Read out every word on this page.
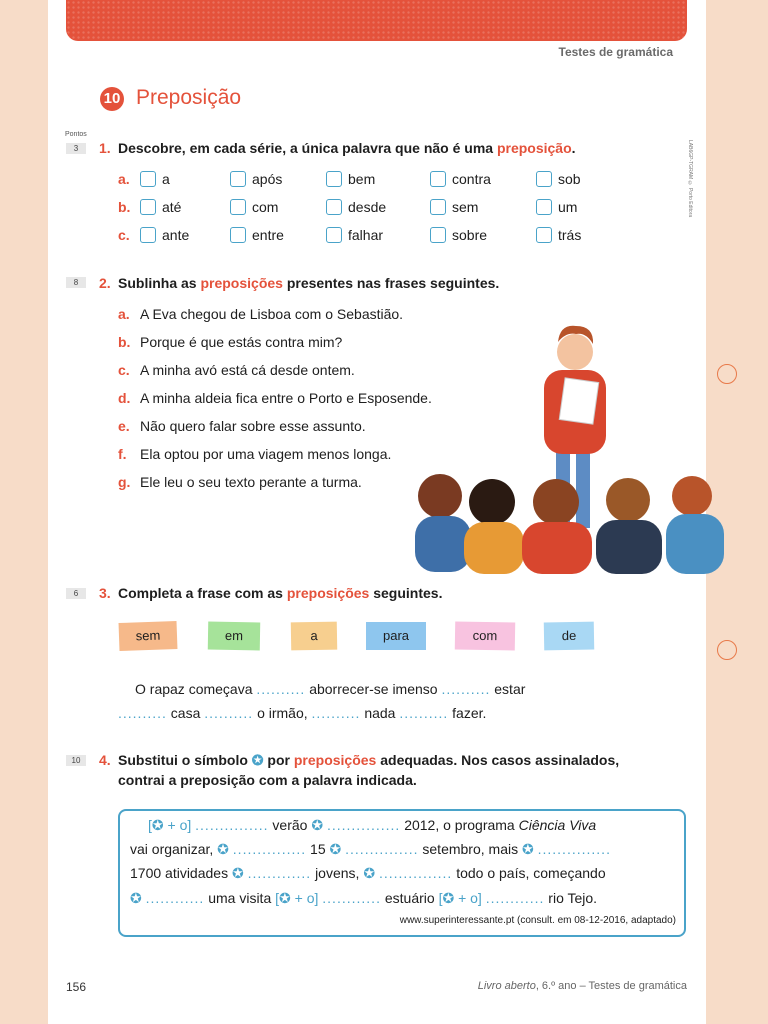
Testes de gramática
10 Preposição
LAB6GP-TGRAM © Porto Editora
Pontos
3	1. Descobre, em cada série, a única palavra que não é uma preposição.
a. a	após	bem	contra	sob
b. até	com	desde	sem	um
c. ante	entre	falhar	sobre	trás
8	2. Sublinha as preposições presentes nas frases seguintes.
a. A Eva chegou de Lisboa com o Sebastião.
b. Porque é que estás contra mim?
c. A minha avó está cá desde ontem.
d. A minha aldeia fica entre o Porto e Esposende.
e. Não quero falar sobre esse assunto.
f. Ela optou por uma viagem menos longa.
g. Ele leu o seu texto perante a turma.
6	3. Completa a frase com as preposições seguintes.
sem	em	a	para	com	de
O rapaz começava .......... aborrecer-se imenso .......... estar
.......... casa .......... o irmão, .......... nada .......... fazer.
10	4. Substitui o símbolo ✪ por preposições adequadas. Nos casos assinalados,
contrai a preposição com a palavra indicada.
[✪ + o] ............... verão ✪ ............... 2012, o programa Ciência Viva
vai organizar, ✪ ............... 15 ✪ ............... setembro, mais ✪ ...............
1700 atividades ✪ ............. jovens, ✪ ............... todo o país, começando
✪ ............ uma visita [✪ + o] ............ estuário [✪ + o] ............ rio Tejo.
www.superinteressante.pt (consult. em 08-12-2016, adaptado)
156	Livro aberto, 6.º ano – Testes de gramática
